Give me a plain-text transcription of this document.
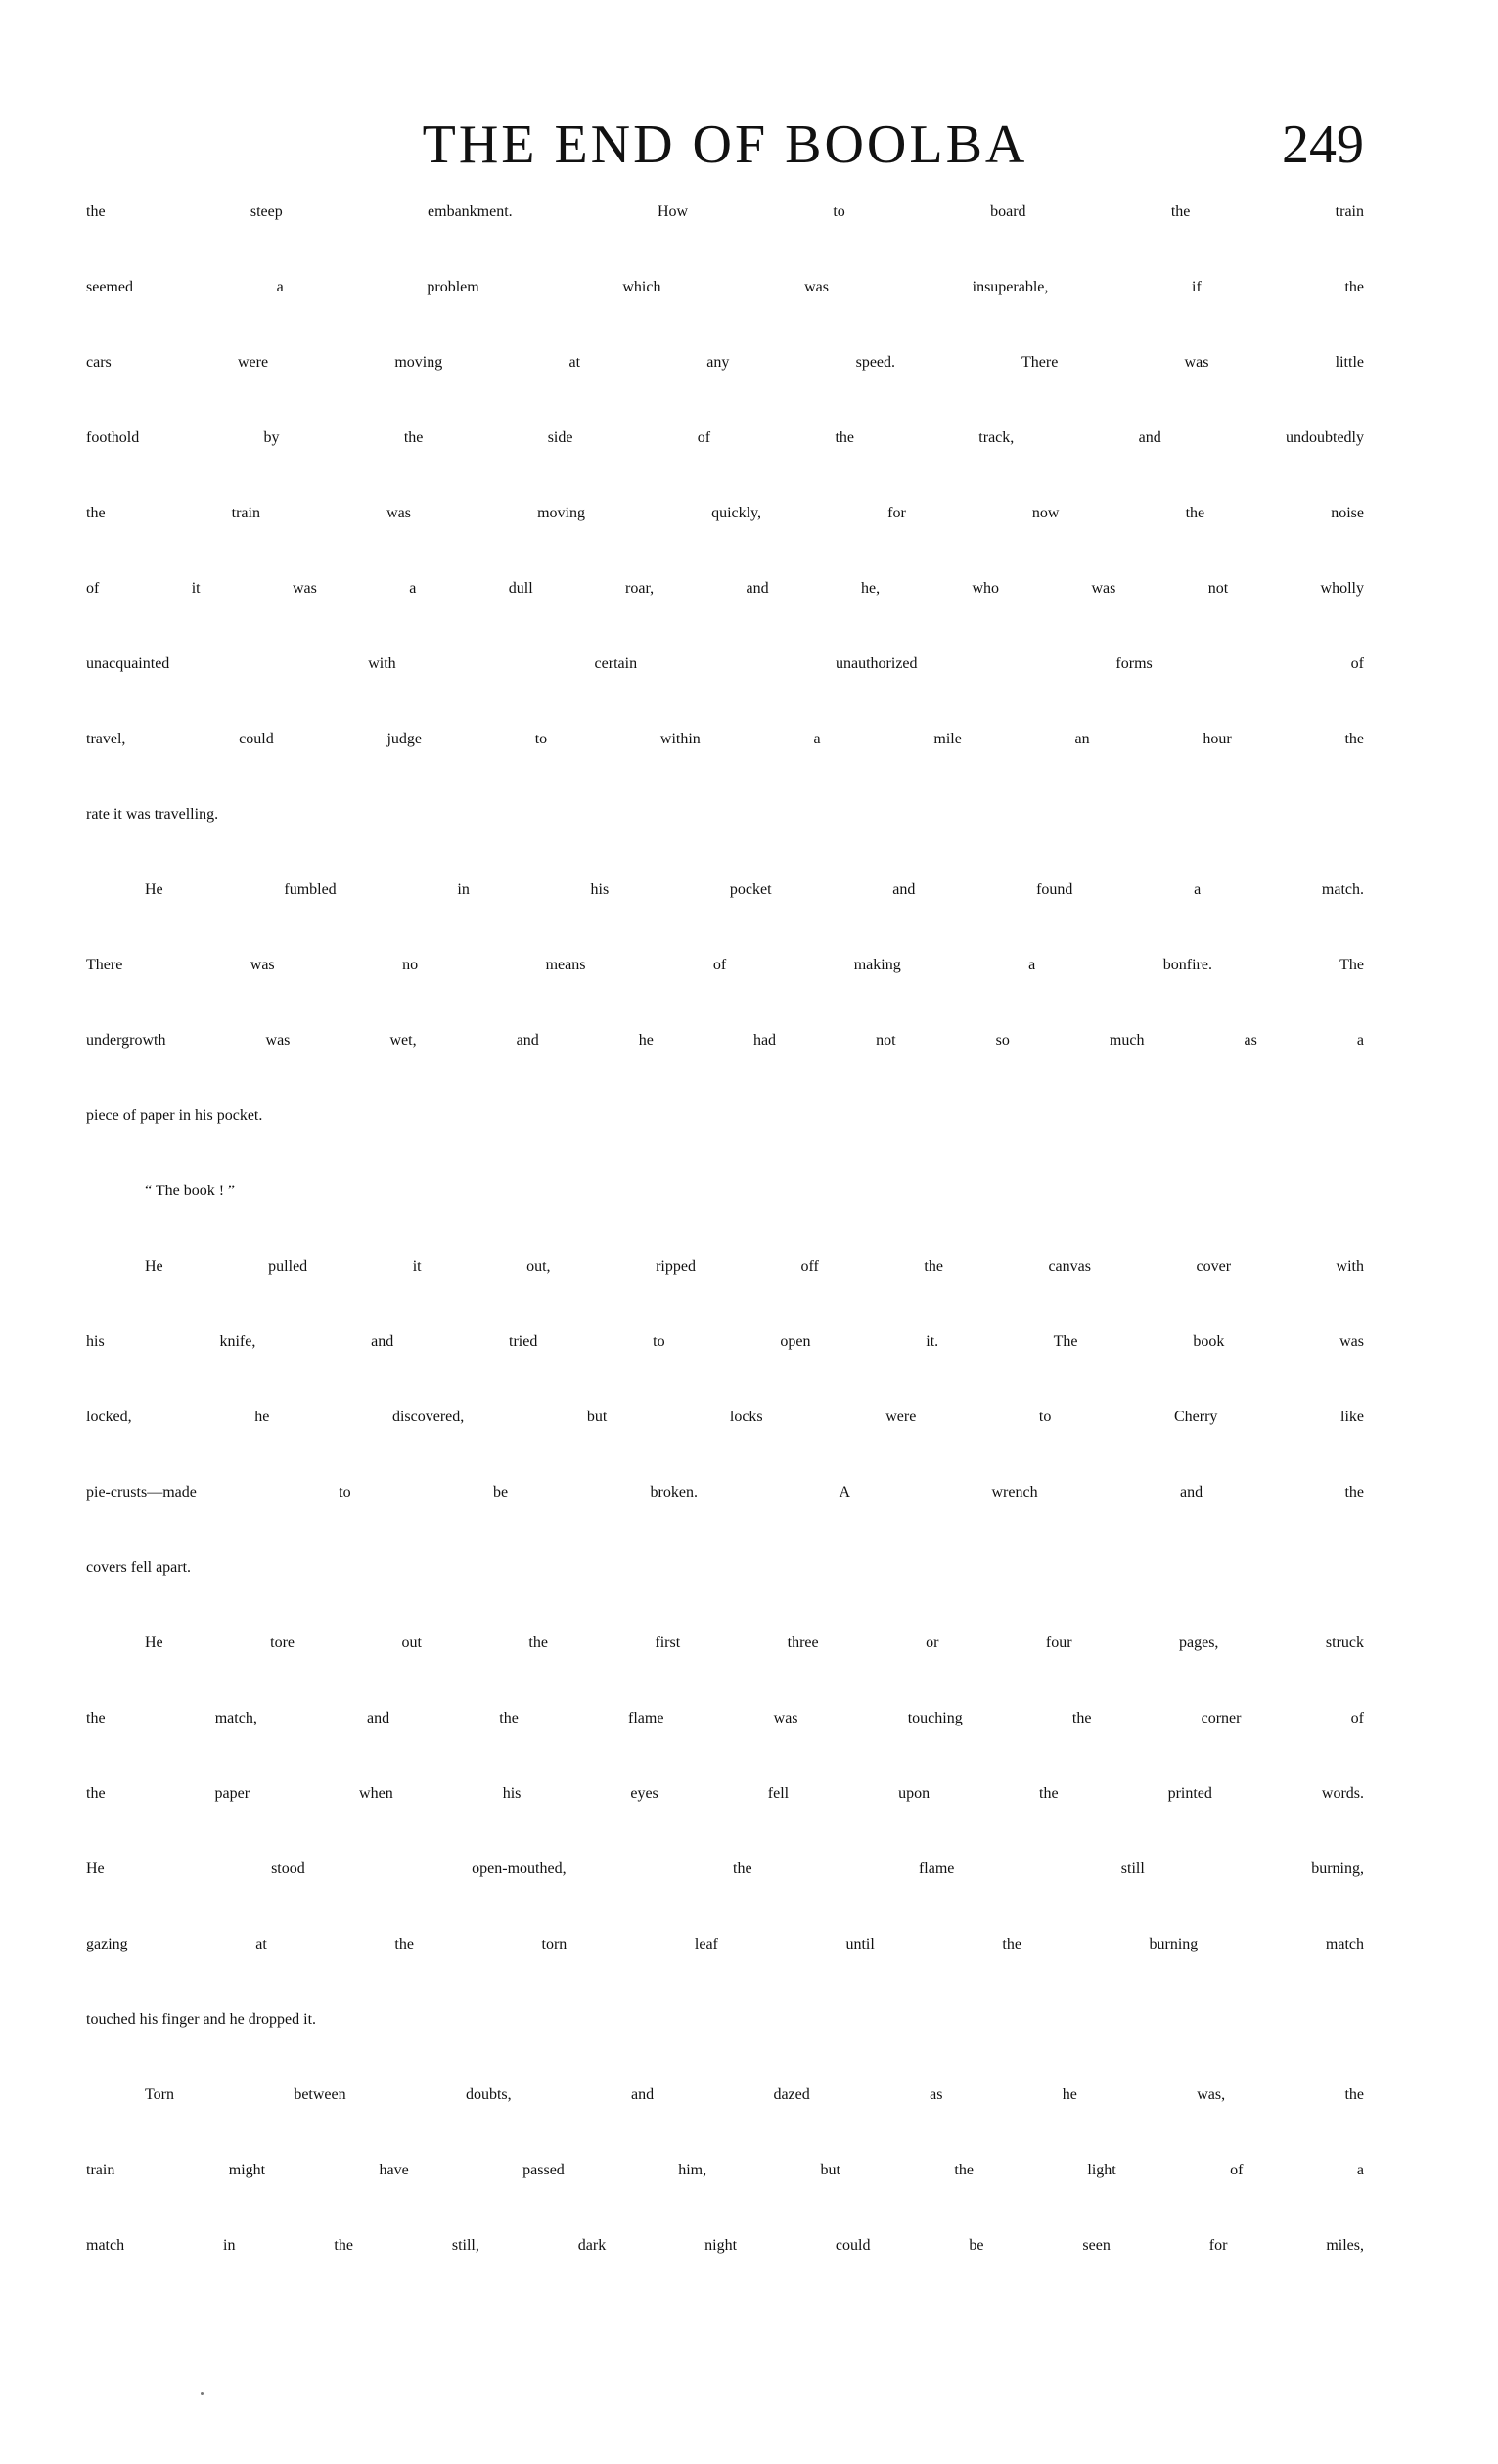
THE END OF BOOLBA	249
the steep embankment. How to board the train
seemed a problem which was insuperable, if the
cars were moving at any speed. There was little
foothold by the side of the track, and undoubtedly
the train was moving quickly, for now the noise
of it was a dull roar, and he, who was not wholly
unacquainted with certain unauthorized forms of
travel, could judge to within a mile an hour the
rate it was travelling.
He fumbled in his pocket and found a match.
There was no means of making a bonfire. The
undergrowth was wet, and he had not so much as a
piece of paper in his pocket.
“ The book ! ”
He pulled it out, ripped off the canvas cover with
his knife, and tried to open it. The book was
locked, he discovered, but locks were to Cherry like
pie-crusts—made to be broken. A wrench and the
covers fell apart.
He tore out the first three or four pages, struck
the match, and the flame was touching the corner of
the paper when his eyes fell upon the printed words.
He stood open-mouthed, the flame still burning,
gazing at the torn leaf until the burning match
touched his finger and he dropped it.
Torn between doubts, and dazed as he was, the
train might have passed him, but the light of a
match in the still, dark night could be seen for miles,
